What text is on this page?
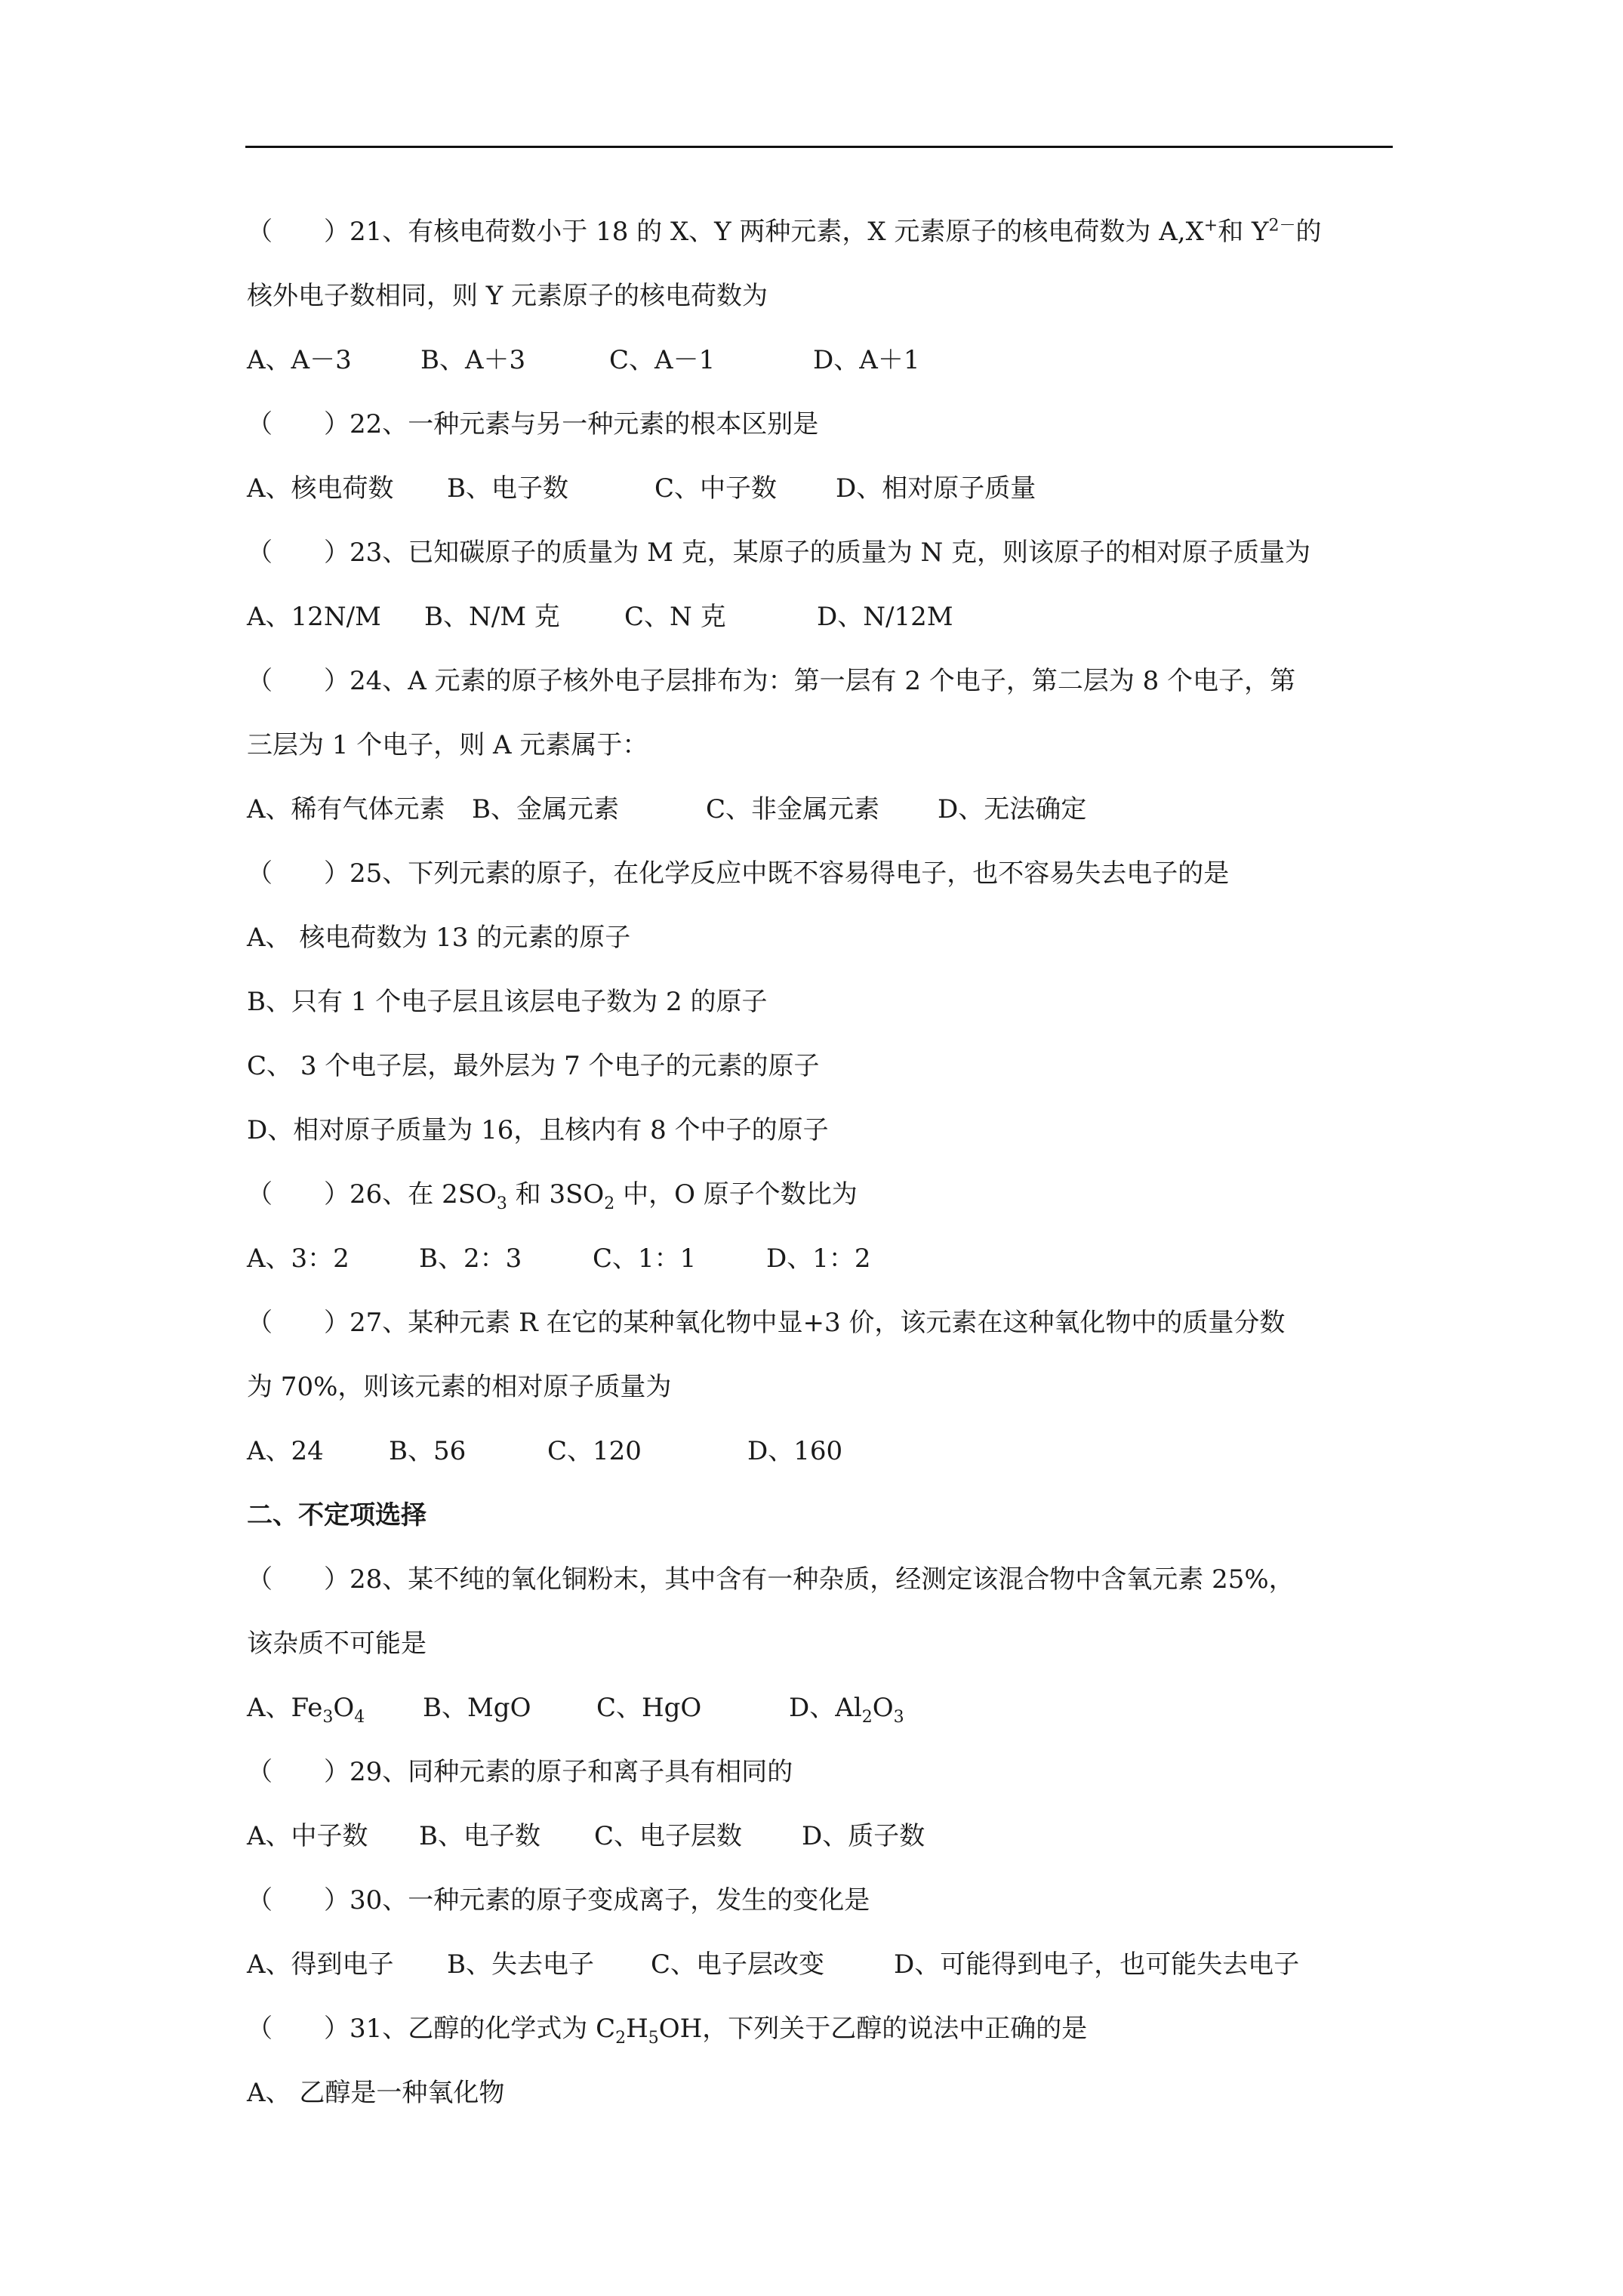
（　　）21、有核电荷数小于 18 的 X、Y 两种元素，X 元素原子的核电荷数为 A,X+和 $Y^{2-}$的
核外电子数相同，则 Y 元素原子的核电荷数为
A、A－3	B、A＋3	C、A－1	D、A＋1
（　　）22、一种元素与另一种元素的根本区别是
A、核电荷数 B、电子数	C、中子数 D、相对原子质量
（　　）23、已知碳原子的质量为 M 克，某原子的质量为 N 克，则该原子的相对原子质量为
A、12N/M B、N/M 克	C、N 克	D、N/12M
（　　）24、A 元素的原子核外电子层排布为：第一层有 2 个电子，第二层为 8 个电子，第
三层为 1 个电子，则 A 元素属于：
A、稀有气体元素 B、金属元素	C、非金属元素 D、无法确定
（　　）25、下列元素的原子，在化学反应中既不容易得电子，也不容易失去电子的是
A、 核电荷数为 13 的元素的原子
B、只有 1 个电子层且该层电子数为 2 的原子
C、 3 个电子层，最外层为 7 个电子的元素的原子
D、相对原子质量为 16，且核内有 8 个中子的原子
（　　）26、在 $2SO_3$ 和 $3SO_2$ 中，O 原子个数比为
A、3：2	B、2：3	C、1：1	D、1：2
（　　）27、某种元素 R 在它的某种氧化物中显+3 价，该元素在这种氧化物中的质量分数
为 70%，则该元素的相对原子质量为
A、24	B、56	C、120	D、160
二、不定项选择
（　　）28、某不纯的氧化铜粉末，其中含有一种杂质，经测定该混合物中含氧元素 25%，
该杂质不可能是
A、$Fe_3O_4$ B、MgO	C、HgO	D、$Al_2O_3$
（　　）29、同种元素的原子和离子具有相同的
A、中子数 B、电子数 C、电子层数 D、质子数
（　　）30、一种元素的原子变成离子，发生的变化是
A、得到电子 B、失去电子 C、电子层改变	D、可能得到电子，也可能失去电子
（　　）31、乙醇的化学式为 $C_2H_5OH$，下列关于乙醇的说法中正确的是
A、 乙醇是一种氧化物
